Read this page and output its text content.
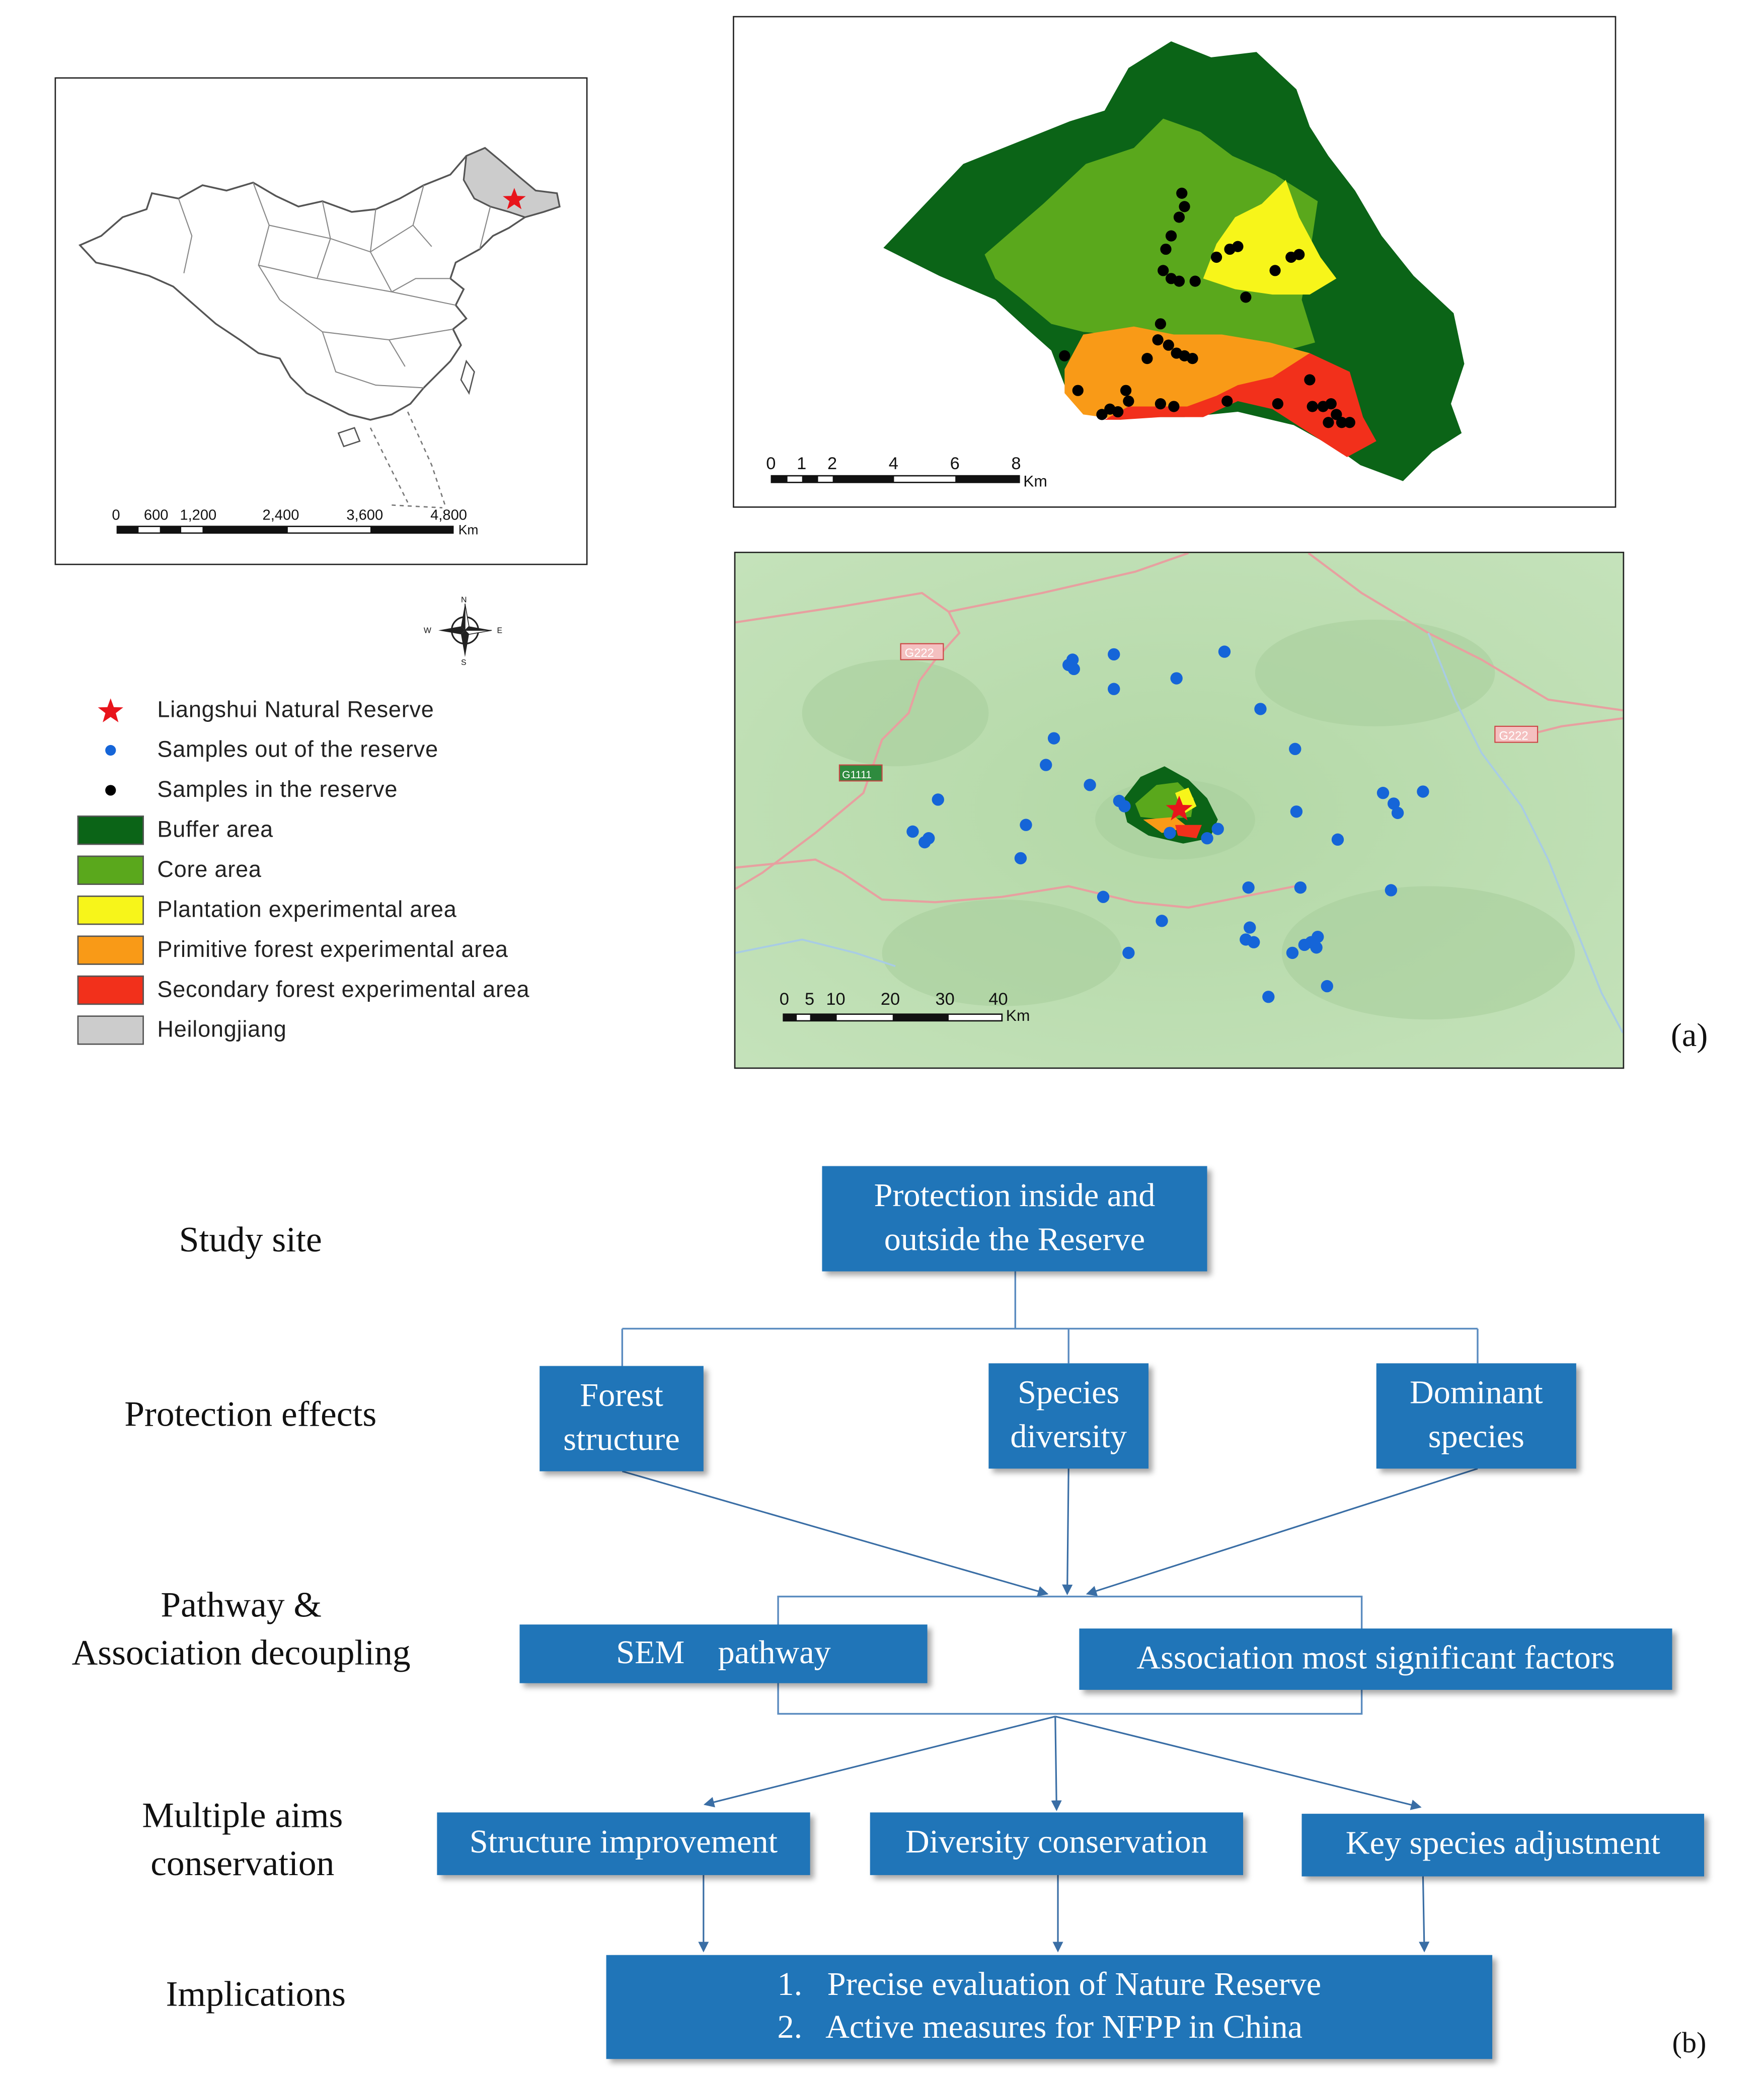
0	600 1,200	2,400	3,600	4,800
Km
0	1	2	4	6	8
Km
N
S
W	E
Liangshui Natural Reserve
Samples out of the reserve
Samples in the reserve
Buffer area
Core area
Plantation experimental area
Primitive forest experimental area
Secondary forest experimental area
Heilongjiang
G222
G222
G1111
0 5 10	20	30	40
Km
(a)
Study site
Protection effects
Pathway &
Association decoupling
Multiple aims
conservation
Implications
Protection inside and
outside the Reserve
Forest
structure
Species
diversity
Dominant
species
SEM    pathway	Association most significant factors
Structure improvement	Diversity conservation	Key species adjustment
1.   Precise evaluation of Nature Reserve
2.   Active measures for NFPP in China	(b)
